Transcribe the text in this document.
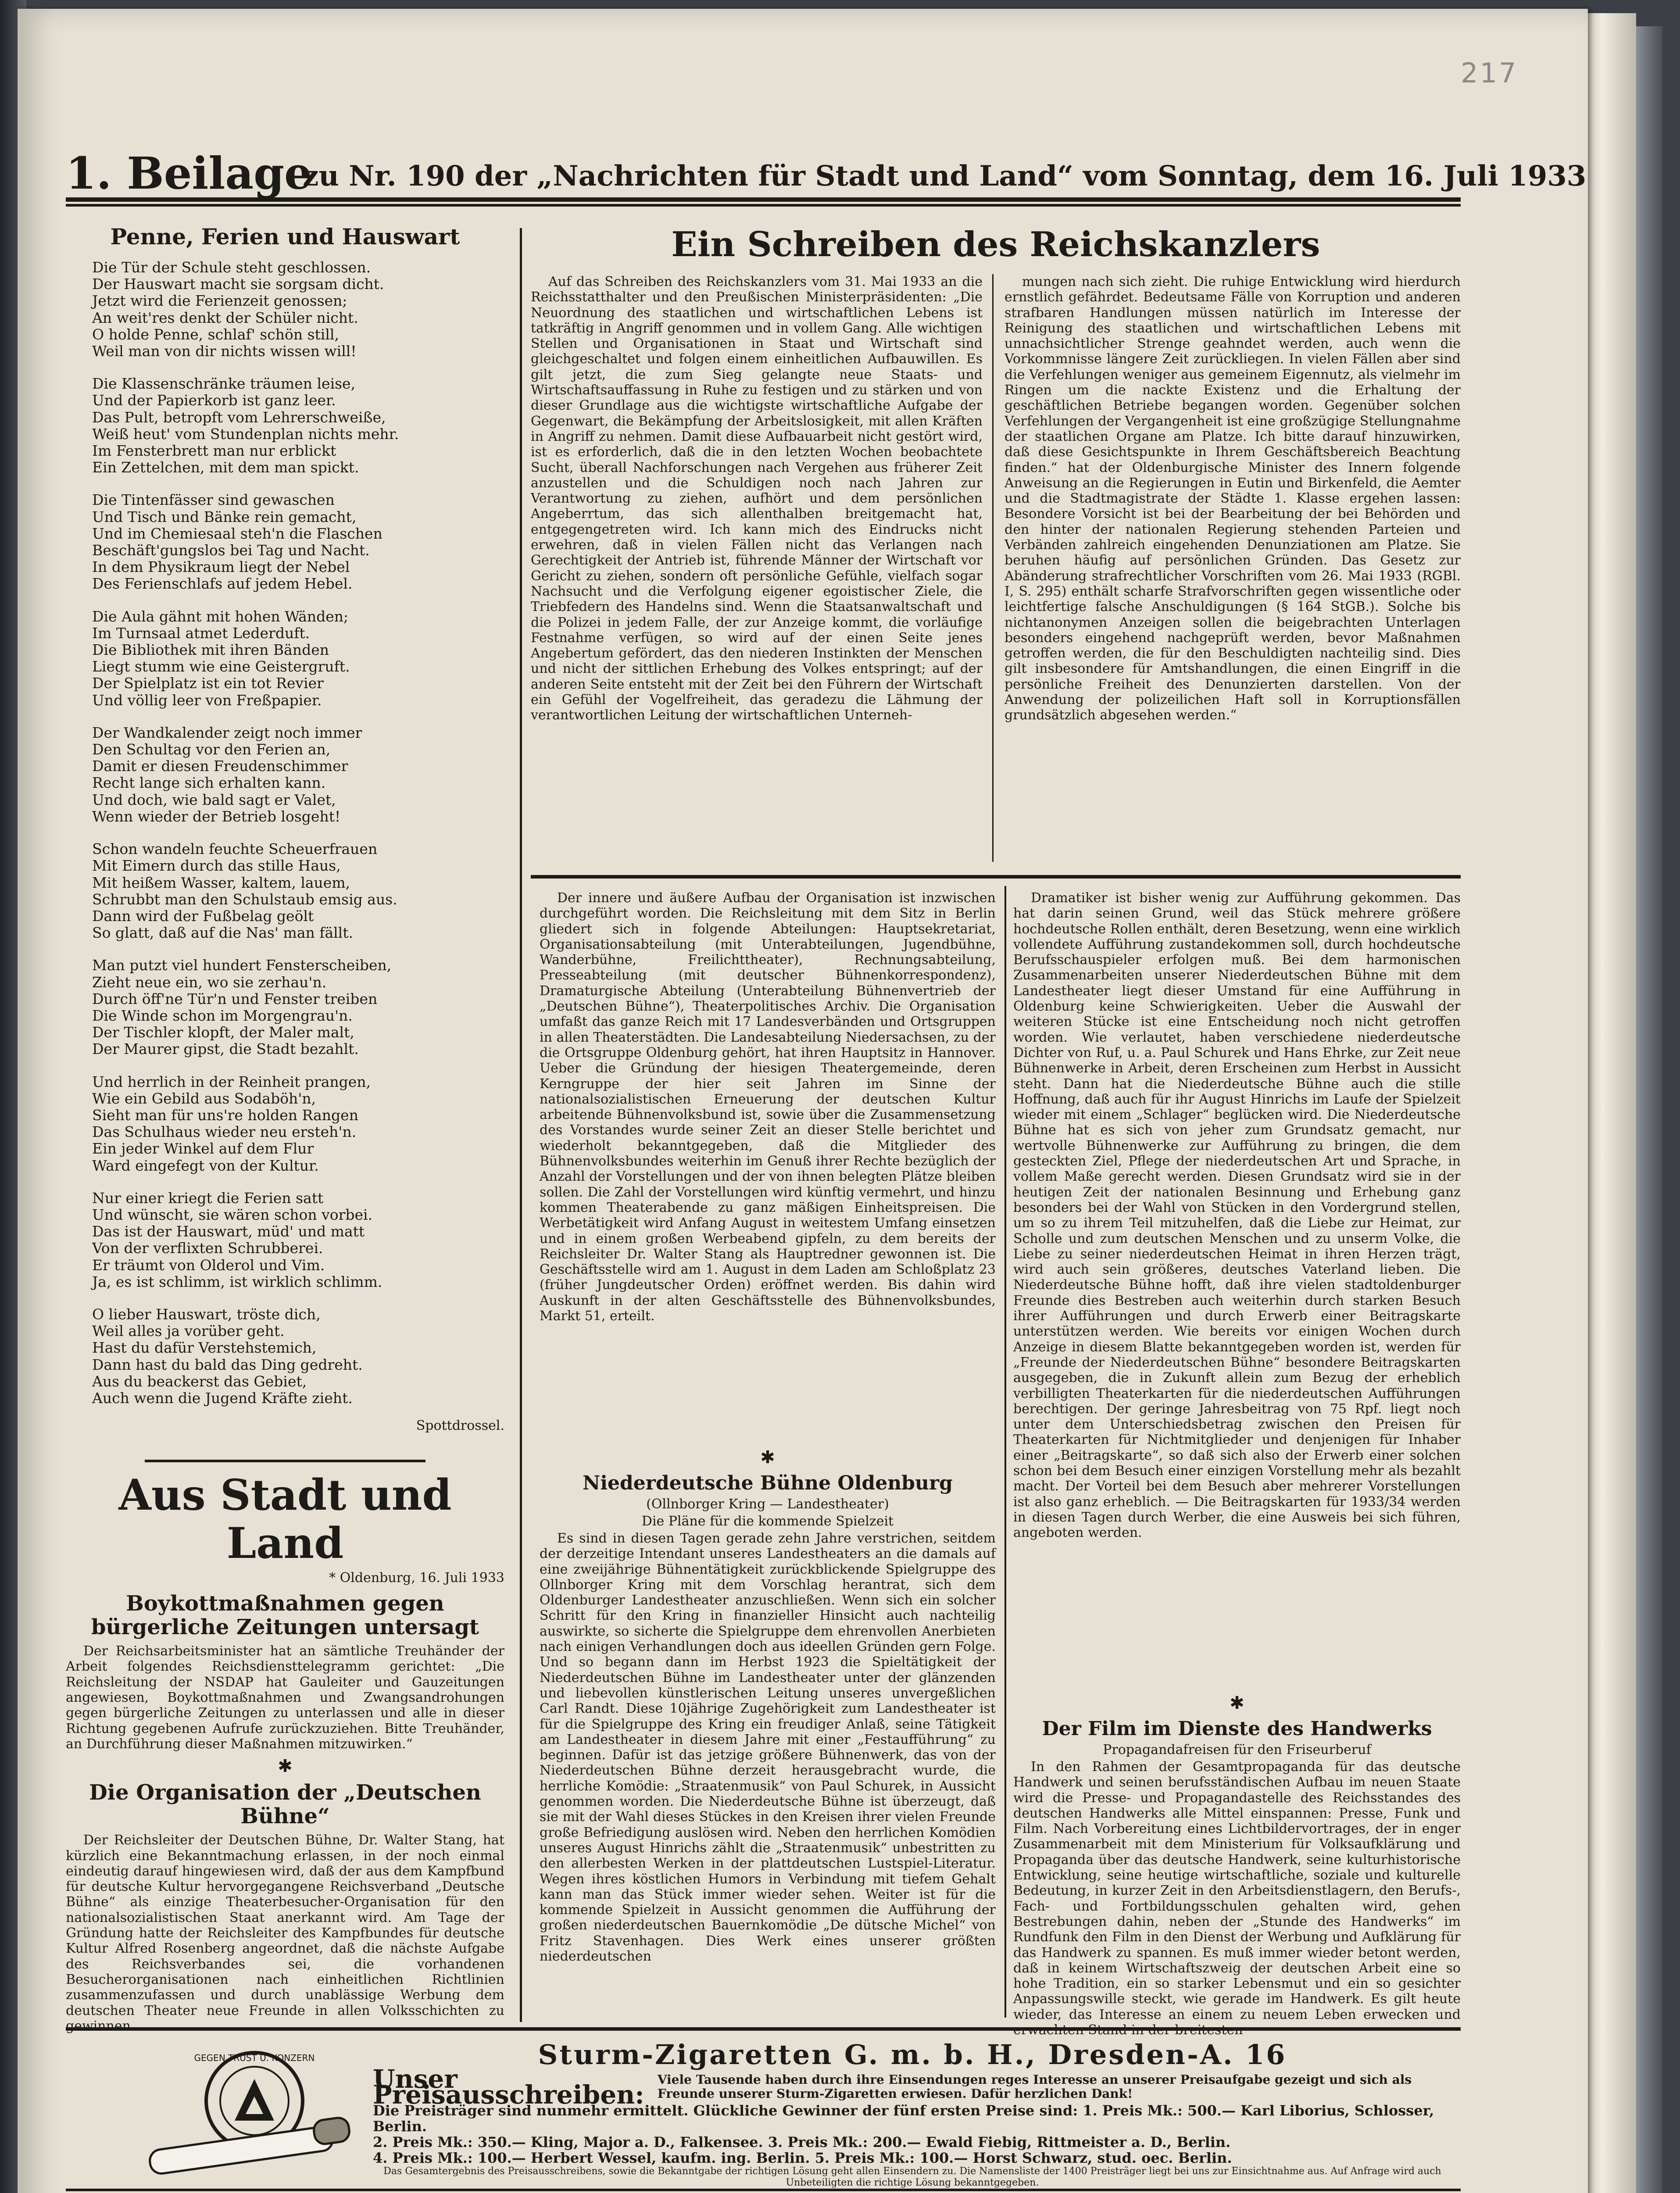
217
1. Beilage
zu Nr. 190 der „Nachrichten für Stadt und Land“ vom Sonntag, dem 16. Juli 1933
Penne, Ferien und Hauswart

Die Tür der Schule steht geschlossen.
Der Hauswart macht sie sorgsam dicht.
Jetzt wird die Ferienzeit genossen;
An weit'res denkt der Schüler nicht.
O holde Penne, schlaf' schön still,
Weil man von dir nichts wissen will!

Die Klassenschränke träumen leise,
Und der Papierkorb ist ganz leer.
Das Pult, betropft vom Lehrerschweiße,
Weiß heut' vom Stundenplan nichts mehr.
Im Fensterbrett man nur erblickt
Ein Zettelchen, mit dem man spickt.

Die Tintenfässer sind gewaschen
Und Tisch und Bänke rein gemacht,
Und im Chemiesaal steh'n die Flaschen
Beschäft'gungslos bei Tag und Nacht.
In dem Physikraum liegt der Nebel
Des Ferienschlafs auf jedem Hebel.

Die Aula gähnt mit hohen Wänden;
Im Turnsaal atmet Lederduft.
Die Bibliothek mit ihren Bänden
Liegt stumm wie eine Geistergruft.
Der Spielplatz ist ein tot Revier
Und völlig leer von Freßpapier.

Der Wandkalender zeigt noch immer
Den Schultag vor den Ferien an,
Damit er diesen Freudenschimmer
Recht lange sich erhalten kann.
Und doch, wie bald sagt er Valet,
Wenn wieder der Betrieb losgeht!

Schon wandeln feuchte Scheuerfrauen
Mit Eimern durch das stille Haus,
Mit heißem Wasser, kaltem, lauem,
Schrubbt man den Schulstaub emsig aus.
Dann wird der Fußbelag geölt
So glatt, daß auf die Nas' man fällt.

Man putzt viel hundert Fensterscheiben,
Zieht neue ein, wo sie zerhau'n.
Durch öff'ne Tür'n und Fenster treiben
Die Winde schon im Morgengrau'n.
Der Tischler klopft, der Maler malt,
Der Maurer gipst, die Stadt bezahlt.

Und herrlich in der Reinheit prangen,
Wie ein Gebild aus Sodaböh'n,
Sieht man für uns're holden Rangen
Das Schulhaus wieder neu ersteh'n.
Ein jeder Winkel auf dem Flur
Ward eingefegt von der Kultur.

Nur einer kriegt die Ferien satt
Und wünscht, sie wären schon vorbei.
Das ist der Hauswart, müd' und matt
Von der verflixten Schrubberei.
Er träumt von Olderol und Vim.
Ja, es ist schlimm, ist wirklich schlimm.

O lieber Hauswart, tröste dich,
Weil alles ja vorüber geht.
Hast du dafür Verstehstemich,
Dann hast du bald das Ding gedreht.
Aus du beackerst das Gebiet,
Auch wenn die Jugend Kräfte zieht.

Spottdrossel.
Aus Stadt und Land
* Oldenburg, 16. Juli 1933
Boykottmaßnahmen gegen bürgerliche Zeitungen untersagt

Der Reichsarbeitsminister hat an sämtliche Treuhänder der Arbeit folgendes Reichsdiensttelegramm gerichtet: „Die Reichsleitung der NSDAP hat Gauleiter und Gauzeitungen angewiesen, Boykottmaßnahmen und Zwangsandrohungen gegen bürgerliche Zeitungen zu unterlassen und alle in dieser Richtung gegebenen Aufrufe zurückzuziehen. Bitte Treuhänder, an Durchführung dieser Maßnahmen mitzuwirken.“

✱
Die Organisation der „Deutschen Bühne“

Der Reichsleiter der Deutschen Bühne, Dr. Walter Stang, hat kürzlich eine Bekanntmachung erlassen, in der noch einmal eindeutig darauf hingewiesen wird, daß der aus dem Kampfbund für deutsche Kultur hervorgegangene Reichsverband „Deutsche Bühne“ als einzige Theaterbesucher-Organisation für den nationalsozialistischen Staat anerkannt wird. Am Tage der Gründung hatte der Reichsleiter des Kampfbundes für deutsche Kultur Alfred Rosenberg angeordnet, daß die nächste Aufgabe des Reichsverbandes sei, die vorhandenen Besucherorganisationen nach einheitlichen Richtlinien zusammenzufassen und durch unablässige Werbung dem deutschen Theater neue Freunde in allen Volksschichten zu gewinnen.

Ein Schreiben des Reichskanzlers

Auf das Schreiben des Reichskanzlers vom 31. Mai 1933 an die Reichsstatthalter und den Preußischen Ministerpräsidenten: „Die Neuordnung des staatlichen und wirtschaftlichen Lebens ist tatkräftig in Angriff genommen und in vollem Gang. Alle wichtigen Stellen und Organisationen in Staat und Wirtschaft sind gleichgeschaltet und folgen einem einheitlichen Aufbauwillen. Es gilt jetzt, die zum Sieg gelangte neue Staats- und Wirtschaftsauffassung in Ruhe zu festigen und zu stärken und von dieser Grundlage aus die wichtigste wirtschaftliche Aufgabe der Gegenwart, die Bekämpfung der Arbeitslosigkeit, mit allen Kräften in Angriff zu nehmen. Damit diese Aufbauarbeit nicht gestört wird, ist es erforderlich, daß die in den letzten Wochen beobachtete Sucht, überall Nachforschungen nach Vergehen aus früherer Zeit anzustellen und die Schuldigen noch nach Jahren zur Verantwortung zu ziehen, aufhört und dem persönlichen Angeberrtum, das sich allenthalben breitgemacht hat, entgegengetreten wird. Ich kann mich des Eindrucks nicht erwehren, daß in vielen Fällen nicht das Verlangen nach Gerechtigkeit der Antrieb ist, führende Männer der Wirtschaft vor Gericht zu ziehen, sondern oft persönliche Gefühle, vielfach sogar Nachsucht und die Verfolgung eigener egoistischer Ziele, die Triebfedern des Handelns sind. Wenn die Staatsanwaltschaft und die Polizei in jedem Falle, der zur Anzeige kommt, die vorläufige Festnahme verfügen, so wird auf der einen Seite jenes Angebertum gefördert, das den niederen Instinkten der Menschen und nicht der sittlichen Erhebung des Volkes entspringt; auf der anderen Seite entsteht mit der Zeit bei den Führern der Wirtschaft ein Gefühl der Vogelfreiheit, das geradezu die Lähmung der verantwortlichen Leitung der wirtschaftlichen Unterneh-

mungen nach sich zieht. Die ruhige Entwicklung wird hierdurch ernstlich gefährdet. Bedeutsame Fälle von Korruption und anderen strafbaren Handlungen müssen natürlich im Interesse der Reinigung des staatlichen und wirtschaftlichen Lebens mit unnachsichtlicher Strenge geahndet werden, auch wenn die Vorkommnisse längere Zeit zurückliegen. In vielen Fällen aber sind die Verfehlungen weniger aus gemeinem Eigennutz, als vielmehr im Ringen um die nackte Existenz und die Erhaltung der geschäftlichen Betriebe begangen worden. Gegenüber solchen Verfehlungen der Vergangenheit ist eine großzügige Stellungnahme der staatlichen Organe am Platze. Ich bitte darauf hinzuwirken, daß diese Gesichtspunkte in Ihrem Geschäftsbereich Beachtung finden.“ hat der Oldenburgische Minister des Innern folgende Anweisung an die Regierungen in Eutin und Birkenfeld, die Aemter und die Stadtmagistrate der Städte 1. Klasse ergehen lassen: Besondere Vorsicht ist bei der Bearbeitung der bei Behörden und den hinter der nationalen Regierung stehenden Parteien und Verbänden zahlreich eingehenden Denunziationen am Platze. Sie beruhen häufig auf persönlichen Gründen. Das Gesetz zur Abänderung strafrechtlicher Vorschriften vom 26. Mai 1933 (RGBl. I, S. 295) enthält scharfe Strafvorschriften gegen wissentliche oder leichtfertige falsche Anschuldigungen (§ 164 StGB.). Solche bis nichtanonymen Anzeigen sollen die beigebrachten Unterlagen besonders eingehend nachgeprüft werden, bevor Maßnahmen getroffen werden, die für den Beschuldigten nachteilig sind. Dies gilt insbesondere für Amtshandlungen, die einen Eingriff in die persönliche Freiheit des Denunzierten darstellen. Von der Anwendung der polizeilichen Haft soll in Korruptionsfällen grundsätzlich abgesehen werden.“

Der innere und äußere Aufbau der Organisation ist inzwischen durchgeführt worden. Die Reichsleitung mit dem Sitz in Berlin gliedert sich in folgende Abteilungen: Hauptsekretariat, Organisationsabteilung (mit Unterabteilungen, Jugendbühne, Wanderbühne, Freilichttheater), Rechnungsabteilung, Presseabteilung (mit deutscher Bühnenkorrespondenz), Dramaturgische Abteilung (Unterabteilung Bühnenvertrieb der „Deutschen Bühne“), Theaterpolitisches Archiv. Die Organisation umfaßt das ganze Reich mit 17 Landesverbänden und Ortsgruppen in allen Theaterstädten. Die Landesabteilung Niedersachsen, zu der die Ortsgruppe Oldenburg gehört, hat ihren Hauptsitz in Hannover. Ueber die Gründung der hiesigen Theatergemeinde, deren Kerngruppe der hier seit Jahren im Sinne der nationalsozialistischen Erneuerung der deutschen Kultur arbeitende Bühnenvolksbund ist, sowie über die Zusammensetzung des Vorstandes wurde seiner Zeit an dieser Stelle berichtet und wiederholt bekanntgegeben, daß die Mitglieder des Bühnenvolksbundes weiterhin im Genuß ihrer Rechte bezüglich der Anzahl der Vorstellungen und der von ihnen belegten Plätze bleiben sollen. Die Zahl der Vorstellungen wird künftig vermehrt, und hinzu kommen Theaterabende zu ganz mäßigen Einheitspreisen. Die Werbetätigkeit wird Anfang August in weitestem Umfang einsetzen und in einem großen Werbeabend gipfeln, zu dem bereits der Reichsleiter Dr. Walter Stang als Hauptredner gewonnen ist. Die Geschäftsstelle wird am 1. August in dem Laden am Schloßplatz 23 (früher Jungdeutscher Orden) eröffnet werden. Bis dahin wird Auskunft in der alten Geschäftsstelle des Bühnenvolksbundes, Markt 51, erteilt.

✱
Niederdeutsche Bühne Oldenburg
(Ollnborger Kring — Landestheater)
Die Pläne für die kommende Spielzeit

Es sind in diesen Tagen gerade zehn Jahre verstrichen, seitdem der derzeitige Intendant unseres Landestheaters an die damals auf eine zweijährige Bühnentätigkeit zurückblickende Spielgruppe des Ollnborger Kring mit dem Vorschlag herantrat, sich dem Oldenburger Landestheater anzuschließen. Wenn sich ein solcher Schritt für den Kring in finanzieller Hinsicht auch nachteilig auswirkte, so sicherte die Spielgruppe dem ehrenvollen Anerbieten nach einigen Verhandlungen doch aus ideellen Gründen gern Folge. Und so begann dann im Herbst 1923 die Spieltätigkeit der Niederdeutschen Bühne im Landestheater unter der glänzenden und liebevollen künstlerischen Leitung unseres unvergeßlichen Carl Randt. Diese 10jährige Zugehörigkeit zum Landestheater ist für die Spielgruppe des Kring ein freudiger Anlaß, seine Tätigkeit am Landestheater in diesem Jahre mit einer „Festaufführung“ zu beginnen. Dafür ist das jetzige größere Bühnenwerk, das von der Niederdeutschen Bühne derzeit herausgebracht wurde, die herrliche Komödie: „Straatenmusik“ von Paul Schurek, in Aussicht genommen worden. Die Niederdeutsche Bühne ist überzeugt, daß sie mit der Wahl dieses Stückes in den Kreisen ihrer vielen Freunde große Befriedigung auslösen wird. Neben den herrlichen Komödien unseres August Hinrichs zählt die „Straatenmusik“ unbestritten zu den allerbesten Werken in der plattdeutschen Lustspiel-Literatur. Wegen ihres köstlichen Humors in Verbindung mit tiefem Gehalt kann man das Stück immer wieder sehen. Weiter ist für die kommende Spielzeit in Aussicht genommen die Aufführung der großen niederdeutschen Bauernkomödie „De dütsche Michel“ von Fritz Stavenhagen. Dies Werk eines unserer größten niederdeutschen

Dramatiker ist bisher wenig zur Aufführung gekommen. Das hat darin seinen Grund, weil das Stück mehrere größere hochdeutsche Rollen enthält, deren Besetzung, wenn eine wirklich vollendete Aufführung zustandekommen soll, durch hochdeutsche Berufsschauspieler erfolgen muß. Bei dem harmonischen Zusammenarbeiten unserer Niederdeutschen Bühne mit dem Landestheater liegt dieser Umstand für eine Aufführung in Oldenburg keine Schwierigkeiten. Ueber die Auswahl der weiteren Stücke ist eine Entscheidung noch nicht getroffen worden. Wie verlautet, haben verschiedene niederdeutsche Dichter von Ruf, u. a. Paul Schurek und Hans Ehrke, zur Zeit neue Bühnenwerke in Arbeit, deren Erscheinen zum Herbst in Aussicht steht. Dann hat die Niederdeutsche Bühne auch die stille Hoffnung, daß auch für ihr August Hinrichs im Laufe der Spielzeit wieder mit einem „Schlager“ beglücken wird. Die Niederdeutsche Bühne hat es sich von jeher zum Grundsatz gemacht, nur wertvolle Bühnenwerke zur Aufführung zu bringen, die dem gesteckten Ziel, Pflege der niederdeutschen Art und Sprache, in vollem Maße gerecht werden. Diesen Grundsatz wird sie in der heutigen Zeit der nationalen Besinnung und Erhebung ganz besonders bei der Wahl von Stücken in den Vordergrund stellen, um so zu ihrem Teil mitzuhelfen, daß die Liebe zur Heimat, zur Scholle und zum deutschen Menschen und zu unserm Volke, die Liebe zu seiner niederdeutschen Heimat in ihren Herzen trägt, wird auch sein größeres, deutsches Vaterland lieben. Die Niederdeutsche Bühne hofft, daß ihre vielen stadtoldenburger Freunde dies Bestreben auch weiterhin durch starken Besuch ihrer Aufführungen und durch Erwerb einer Beitragskarte unterstützen werden. Wie bereits vor einigen Wochen durch Anzeige in diesem Blatte bekanntgegeben worden ist, werden für „Freunde der Niederdeutschen Bühne“ besondere Beitragskarten ausgegeben, die in Zukunft allein zum Bezug der erheblich verbilligten Theaterkarten für die niederdeutschen Aufführungen berechtigen. Der geringe Jahresbeitrag von 75 Rpf. liegt noch unter dem Unterschiedsbetrag zwischen den Preisen für Theaterkarten für Nichtmitglieder und denjenigen für Inhaber einer „Beitragskarte“, so daß sich also der Erwerb einer solchen schon bei dem Besuch einer einzigen Vorstellung mehr als bezahlt macht. Der Vorteil bei dem Besuch aber mehrerer Vorstellungen ist also ganz erheblich. — Die Beitragskarten für 1933/34 werden in diesen Tagen durch Werber, die eine Ausweis bei sich führen, angeboten werden.

✱
Der Film im Dienste des Handwerks
Propagandafreisen für den Friseurberuf

In den Rahmen der Gesamtpropaganda für das deutsche Handwerk und seinen berufsständischen Aufbau im neuen Staate wird die Presse- und Propagandastelle des Reichsstandes des deutschen Handwerks alle Mittel einspannen: Presse, Funk und Film. Nach Vorbereitung eines Lichtbildervortrages, der in enger Zusammenarbeit mit dem Ministerium für Volksaufklärung und Propaganda über das deutsche Handwerk, seine kulturhistorische Entwicklung, seine heutige wirtschaftliche, soziale und kulturelle Bedeutung, in kurzer Zeit in den Arbeitsdienstlagern, den Berufs-, Fach- und Fortbildungsschulen gehalten wird, gehen Bestrebungen dahin, neben der „Stunde des Handwerks“ im Rundfunk den Film in den Dienst der Werbung und Aufklärung für das Handwerk zu spannen. Es muß immer wieder betont werden, daß in keinem Wirtschaftszweig der deutschen Arbeit eine so hohe Tradition, ein so starker Lebensmut und ein so gesichter Anpassungswille steckt, wie gerade im Handwerk. Es gilt heute wieder, das Interesse an einem zu neuem Leben erwecken und erwachten Stand in der breitesten

GEGEN TRUST U. KONZERN	Sturm-Zigaretten G. m. b. H., Dresden-A. 16
Unser Preisausschreiben:
Viele Tausende haben durch ihre Einsendungen reges Interesse an unserer Preisaufgabe gezeigt und sich als Freunde unserer Sturm-Zigaretten erwiesen. Dafür herzlichen Dank!
Die Preisträger sind nunmehr ermittelt. Glückliche Gewinner der fünf ersten Preise sind: 1. Preis Mk.: 500.— Karl Liborius, Schlosser, Berlin.
2. Preis Mk.: 350.— Kling, Major a. D., Falkensee. 3. Preis Mk.: 200.— Ewald Fiebig, Rittmeister a. D., Berlin.
4. Preis Mk.: 100.— Herbert Wessel, kaufm. ing. Berlin. 5. Preis Mk.: 100.— Horst Schwarz, stud. oec. Berlin.
Das Gesamtergebnis des Preisausschreibens, sowie die Bekanntgabe der richtigen Lösung geht allen Einsendern zu. Die Namensliste der 1400 Preisträger liegt bei uns zur Einsichtnahme aus. Auf Anfrage wird auch Unbeteiligten die richtige Lösung bekanntgegeben.
